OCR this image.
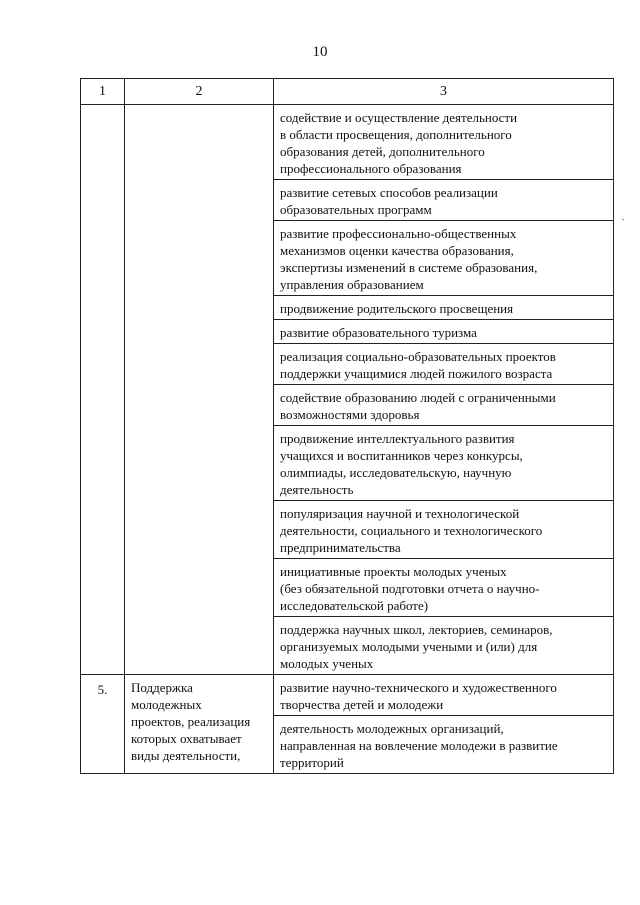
10
`
1	2	3

		содействие и осуществление деятельности
в области просвещения, дополнительного
образования детей, дополнительного
профессионального образования

		развитие сетевых способов реализации
образовательных программ

		развитие профессионально-общественных
механизмов оценки качества образования,
экспертизы изменений в системе образования,
управления образованием

		продвижение родительского просвещения

		развитие образовательного туризма

		реализация социально-образовательных проектов
поддержки учащимися людей пожилого возраста

		содействие образованию людей с ограниченными
возможностями здоровья

		продвижение интеллектуального развития
учащихся и воспитанников через конкурсы,
олимпиады, исследовательскую, научную
деятельность

		популяризация научной и технологической
деятельности, социального и технологического
предпринимательства

		инициативные проекты молодых ученых
(без обязательной подготовки отчета о научно-
исследовательской работе)

		поддержка научных школ, лекториев, семинаров,
организуемых молодыми учеными и (или) для
молодых ученых

5.	Поддержка
молодежных
проектов, реализация
которых охватывает
виды деятельности,	развитие научно-технического и художественного
творчества детей и молодежи

		деятельность молодежных организаций,
направленная на вовлечение молодежи в развитие
территорий
